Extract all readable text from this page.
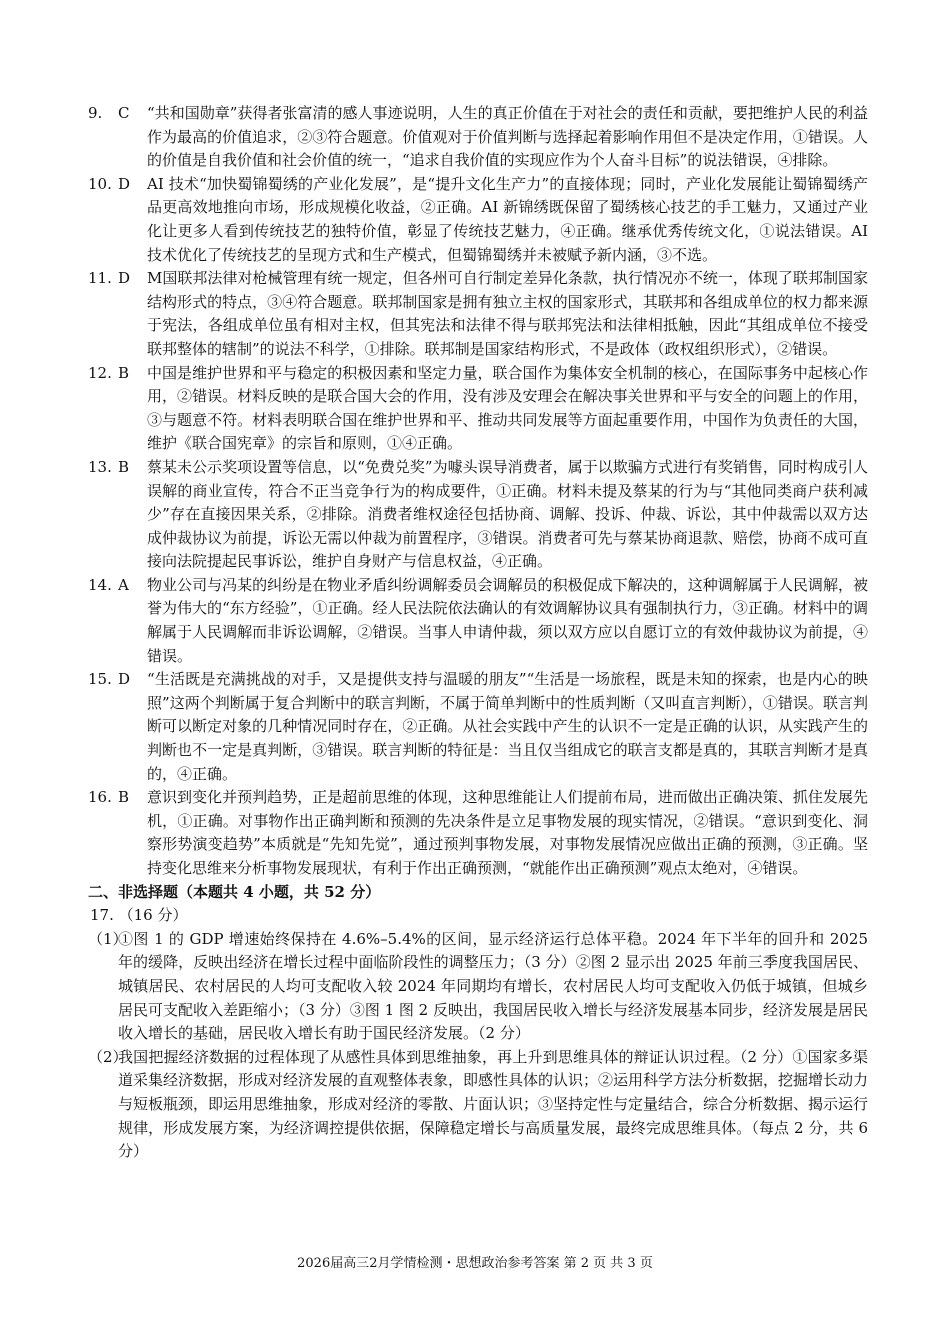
9. C	“共和国勋章”获得者张富清的感人事迹说明，人生的真正价值在于对社会的责任和贡献，要把维护人民的利益作为最高的价值追求，②③符合题意。价值观对于价值判断与选择起着影响作用但不是决定作用，①错误。人的价值是自我价值和社会价值的统一，“追求自我价值的实现应作为个人奋斗目标”的说法错误，④排除。
10. D	AI 技术“加快蜀锦蜀绣的产业化发展”，是“提升文化生产力”的直接体现；同时，产业化发展能让蜀锦蜀绣产品更高效地推向市场，形成规模化收益，②正确。AI 新锦绣既保留了蜀绣核心技艺的手工魅力，又通过产业化让更多人看到传统技艺的独特价值，彰显了传统技艺魅力，④正确。继承优秀传统文化，①说法错误。AI 技术优化了传统技艺的呈现方式和生产模式，但蜀锦蜀绣并未被赋予新内涵，③不选。
11. D	M国联邦法律对枪械管理有统一规定，但各州可自行制定差异化条款，执行情况亦不统一，体现了联邦制国家结构形式的特点，③④符合题意。联邦制国家是拥有独立主权的国家形式，其联邦和各组成单位的权力都来源于宪法，各组成单位虽有相对主权，但其宪法和法律不得与联邦宪法和法律相抵触，因此“其组成单位不接受联邦整体的辖制”的说法不科学，①排除。联邦制是国家结构形式，不是政体（政权组织形式），②错误。
12. B	中国是维护世界和平与稳定的积极因素和坚定力量，联合国作为集体安全机制的核心，在国际事务中起核心作用，②错误。材料反映的是联合国大会的作用，没有涉及安理会在解决事关世界和平与安全的问题上的作用，③与题意不符。材料表明联合国在维护世界和平、推动共同发展等方面起重要作用，中国作为负责任的大国，维护《联合国宪章》的宗旨和原则，①④正确。
13. B	蔡某未公示奖项设置等信息，以“免费兑奖”为噱头误导消费者，属于以欺骗方式进行有奖销售，同时构成引人误解的商业宣传，符合不正当竞争行为的构成要件，①正确。材料未提及蔡某的行为与“其他同类商户获利减少”存在直接因果关系，②排除。消费者维权途径包括协商、调解、投诉、仲裁、诉讼，其中仲裁需以双方达成仲裁协议为前提，诉讼无需以仲裁为前置程序，③错误。消费者可先与蔡某协商退款、赔偿，协商不成可直接向法院提起民事诉讼，维护自身财产与信息权益，④正确。
14. A	物业公司与冯某的纠纷是在物业矛盾纠纷调解委员会调解员的积极促成下解决的，这种调解属于人民调解，被誉为伟大的“东方经验”，①正确。经人民法院依法确认的有效调解协议具有强制执行力，③正确。材料中的调解属于人民调解而非诉讼调解，②错误。当事人申请仲裁，须以双方应以自愿订立的有效仲裁协议为前提，④错误。
15. D	“生活既是充满挑战的对手，又是提供支持与温暖的朋友”“生活是一场旅程，既是未知的探索，也是内心的映照”这两个判断属于复合判断中的联言判断，不属于简单判断中的性质判断（又叫直言判断），①错误。联言判断可以断定对象的几种情况同时存在，②正确。从社会实践中产生的认识不一定是正确的认识，从实践产生的判断也不一定是真判断，③错误。联言判断的特征是：当且仅当组成它的联言支都是真的，其联言判断才是真的，④正确。
16. B	意识到变化并预判趋势，正是超前思维的体现，这种思维能让人们提前布局，进而做出正确决策、抓住发展先机，①正确。对事物作出正确判断和预测的先决条件是立足事物发展的现实情况，②错误。“意识到变化、洞察形势演变趋势”本质就是“先知先觉”，通过预判事物发展，对事物发展情况应做出正确的预测，③正确。坚持变化思维来分析事物发展现状，有利于作出正确预测，“就能作出正确预测”观点太绝对，④错误。
二、非选择题（本题共 4 小题，共 52 分）
17. （16 分）
（1）
①图 1 的 GDP 增速始终保持在 4.6%–5.4%的区间，显示经济运行总体平稳。2024 年下半年的回升和 2025 年的缓降，反映出经济在增长过程中面临阶段性的调整压力；（3 分）②图 2 显示出 2025 年前三季度我国居民、城镇居民、农村居民的人均可支配收入较 2024 年同期均有增长，农村居民人均可支配收入仍低于城镇，但城乡居民可支配收入差距缩小；（3 分）③图 1 图 2 反映出，我国居民收入增长与经济发展基本同步，经济发展是居民收入增长的基础，居民收入增长有助于国民经济发展。（2 分）
（2）
我国把握经济数据的过程体现了从感性具体到思维抽象，再上升到思维具体的辩证认识过程。（2 分）①国家多渠道采集经济数据，形成对经济发展的直观整体表象，即感性具体的认识；②运用科学方法分析数据，挖掘增长动力与短板瓶颈，即运用思维抽象，形成对经济的零散、片面认识；③坚持定性与定量结合，综合分析数据、揭示运行规律，形成发展方案，为经济调控提供依据，保障稳定增长与高质量发展，最终完成思维具体。（每点 2 分，共 6 分）
2026届高三2月学情检测・思想政治参考答案 第 2 页 共 3 页
